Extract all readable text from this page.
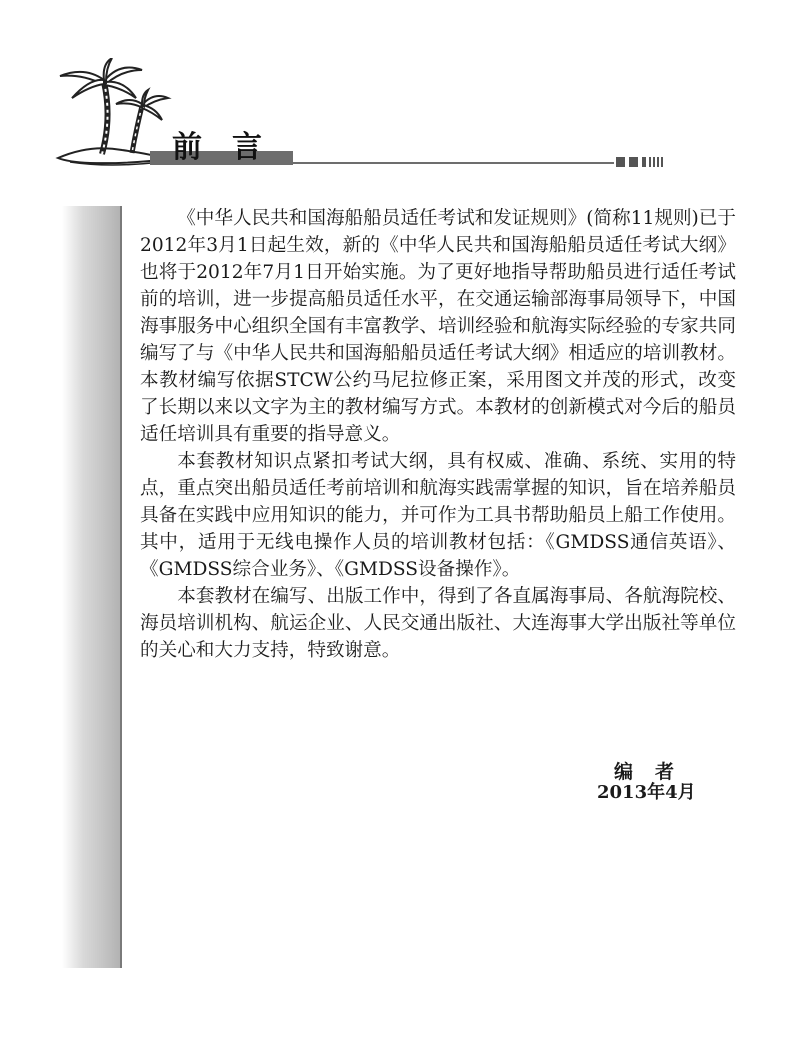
前言

《中华人民共和国海船船员适任考试和发证规则》(简称11规则)已于2012年3月1日起生效，新的《中华人民共和国海船船员适任考试大纲》也将于2012年7月1日开始实施。为了更好地指导帮助船员进行适任考试前的培训，进一步提高船员适任水平，在交通运输部海事局领导下，中国海事服务中心组织全国有丰富教学、培训经验和航海实际经验的专家共同编写了与《中华人民共和国海船船员适任考试大纲》相适应的培训教材。本教材编写依据STCW公约马尼拉修正案，采用图文并茂的形式，改变了长期以来以文字为主的教材编写方式。本教材的创新模式对今后的船员适任培训具有重要的指导意义。

本套教材知识点紧扣考试大纲，具有权威、准确、系统、实用的特点，重点突出船员适任考前培训和航海实践需掌握的知识，旨在培养船员具备在实践中应用知识的能力，并可作为工具书帮助船员上船工作使用。其中，适用于无线电操作人员的培训教材包括：《GMDSS通信英语》、《GMDSS综合业务》、《GMDSS设备操作》。

本套教材在编写、出版工作中，得到了各直属海事局、各航海院校、海员培训机构、航运企业、人民交通出版社、大连海事大学出版社等单位的关心和大力支持，特致谢意。

编者
2013年4月
